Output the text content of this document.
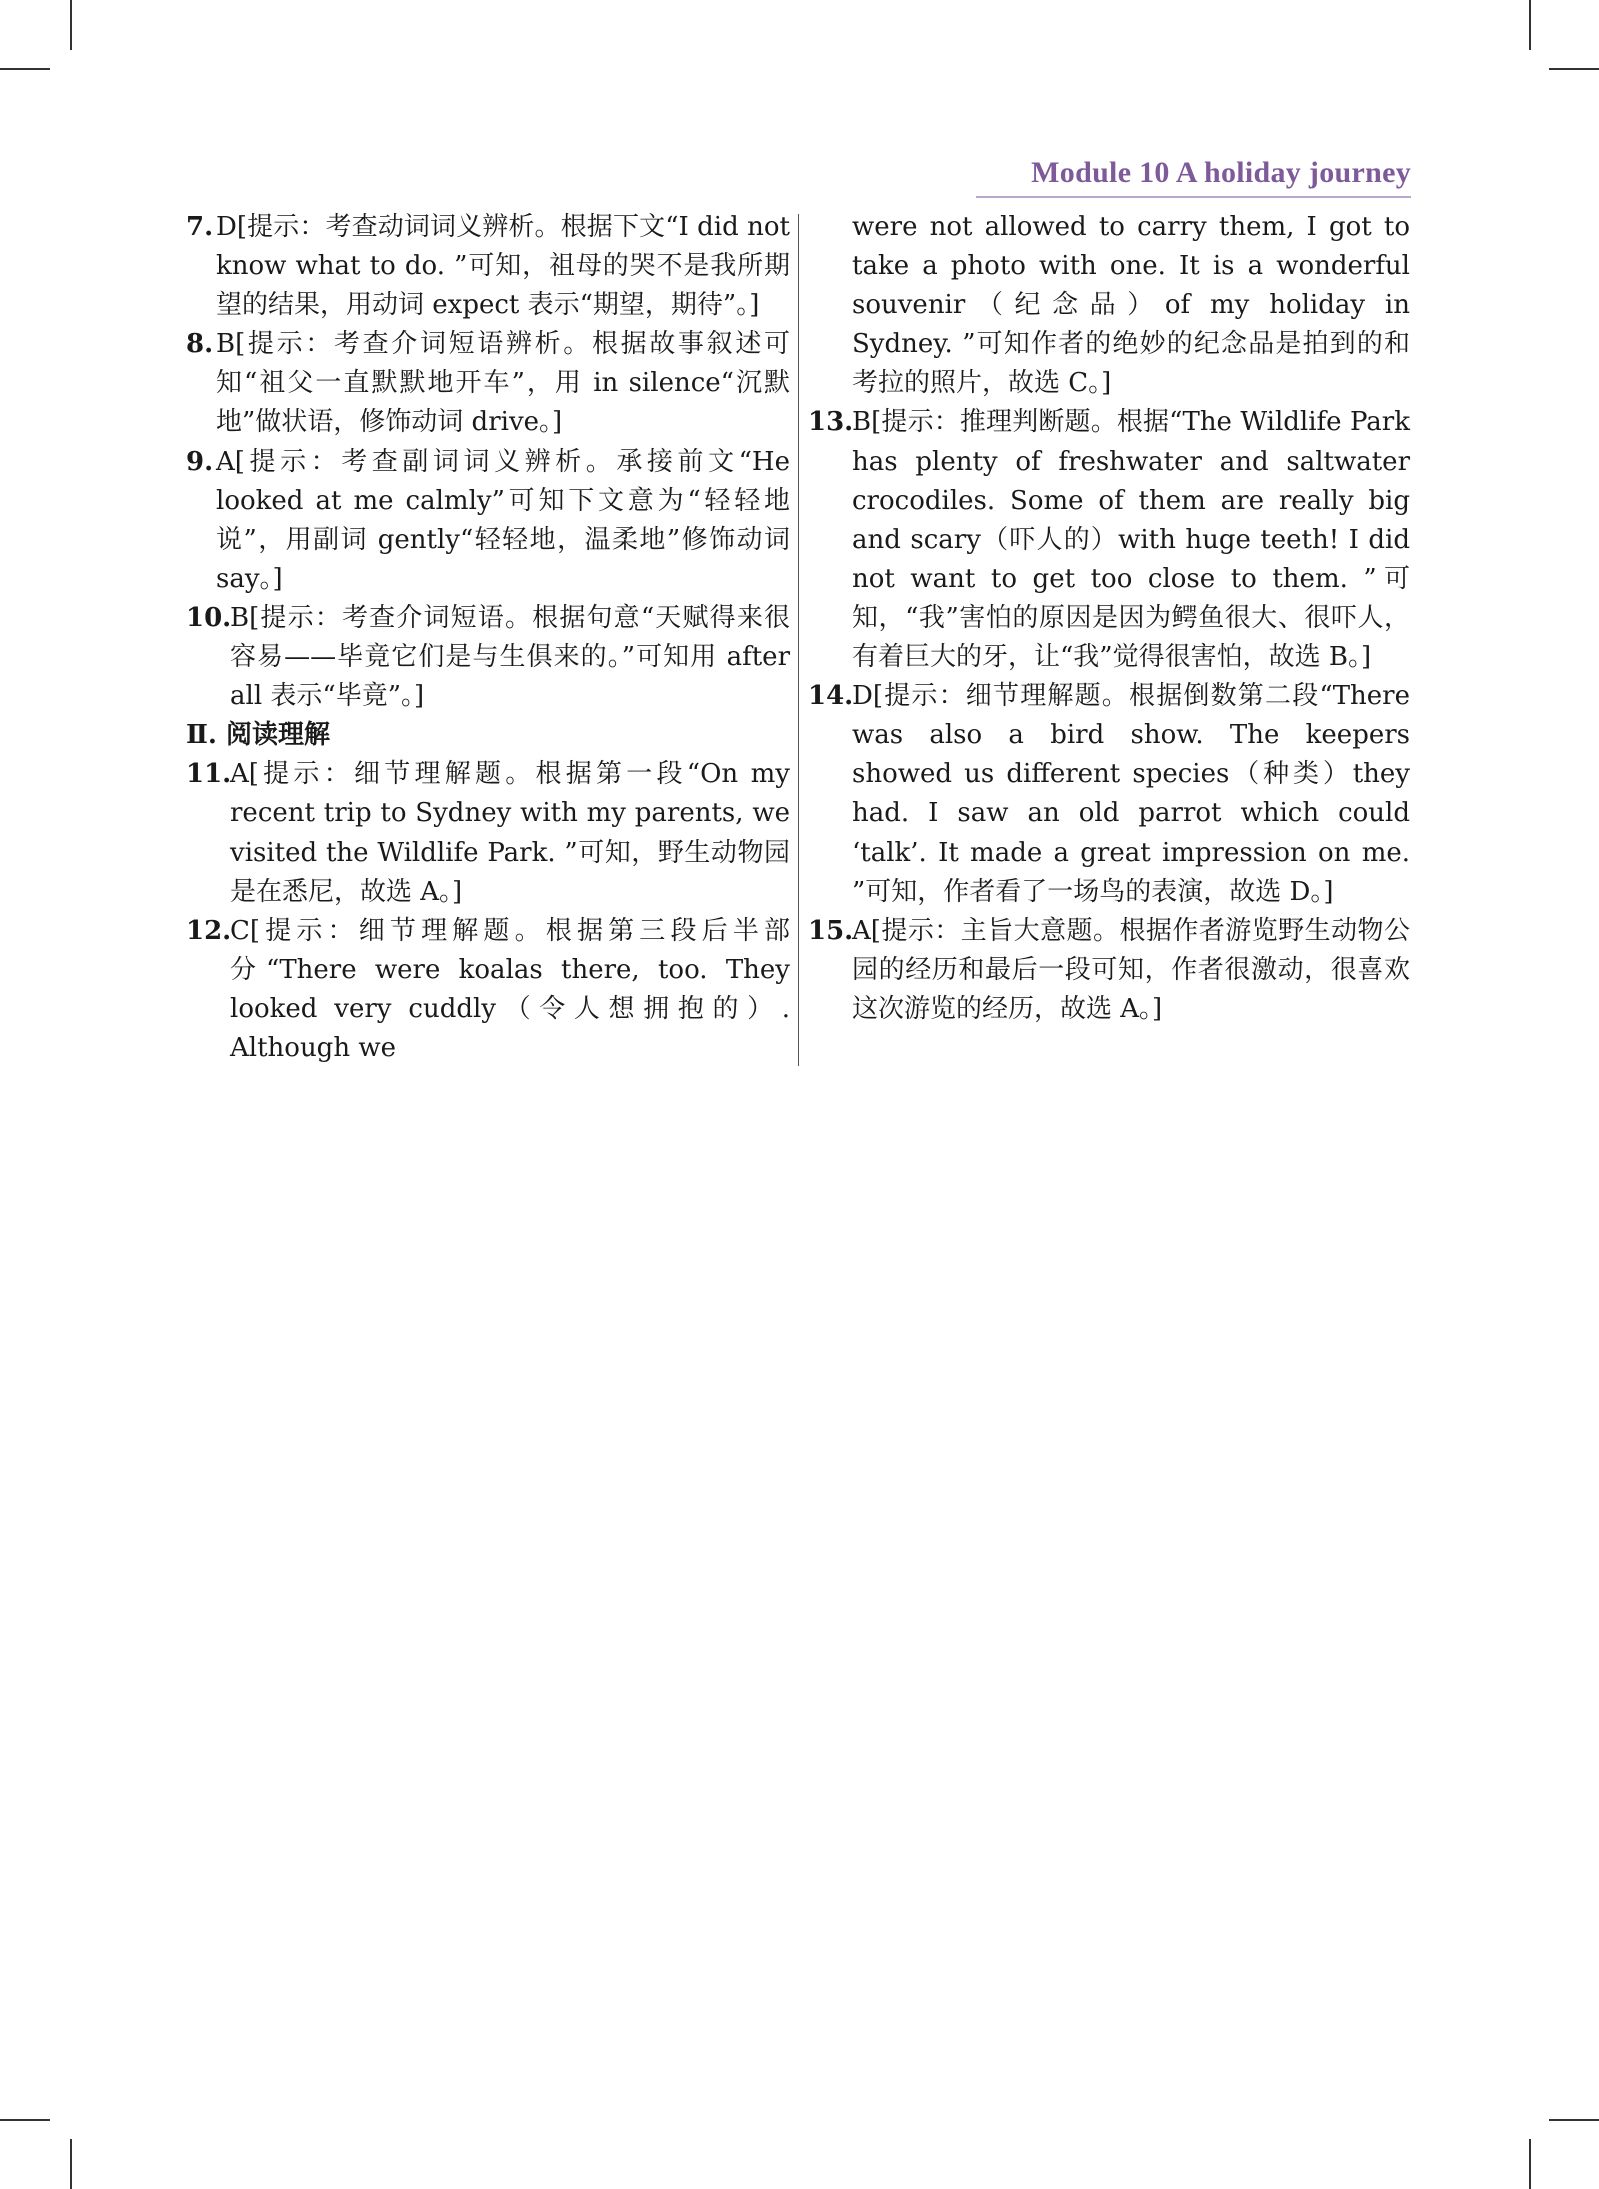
Module 10 A holiday journey
7. D[提示：考查动词词义辨析。根据下文“I did not know what to do. ”可知，祖母的哭不是我所期望的结果，用动词 expect 表示“期望，期待”。]
8. B[提示：考查介词短语辨析。根据故事叙述可知“祖父一直默默地开车”，用 in silence“沉默地”做状语，修饰动词 drive。]
9. A[提示：考查副词词义辨析。承接前文“He looked at me calmly”可知下文意为“轻轻地说”，用副词 gently“轻轻地，温柔地”修饰动词 say。]
10.
B[提示：考查介词短语。根据句意“天赋得来很容易——毕竟它们是与生俱来的。”可知用 after all 表示“毕竟”。]
Ⅱ. 阅读理解
11.
A[提示：细节理解题。根据第一段“On my recent trip to Sydney with my parents, we visited the Wildlife Park. ”可知，野生动物园是在悉尼，故选 A。]
12.
C[提示：细节理解题。根据第三段后半部分“There were koalas there, too. They looked very cuddly（令人想拥抱的）. Although we
were not allowed to carry them, I got to take a photo with one. It is a wonderful souvenir（纪念品）of my holiday in Sydney. ”可知作者的绝妙的纪念品是拍到的和考拉的照片，故选 C。]
13.
B[提示：推理判断题。根据“The Wildlife Park has plenty of freshwater and saltwater crocodiles. Some of them are really big and scary（吓人的）with huge teeth! I did not want to get too close to them. ”可知，“我”害怕的原因是因为鳄鱼很大、很吓人，有着巨大的牙，让“我”觉得很害怕，故选 B。]
14.
D[提示：细节理解题。根据倒数第二段“There was also a bird show. The keepers showed us different species（种类）they had. I saw an old parrot which could ‘talk’. It made a great impression on me. ”可知，作者看了一场鸟的表演，故选 D。]
15.
A[提示：主旨大意题。根据作者游览野生动物公园的经历和最后一段可知，作者很激动，很喜欢这次游览的经历，故选 A。]
